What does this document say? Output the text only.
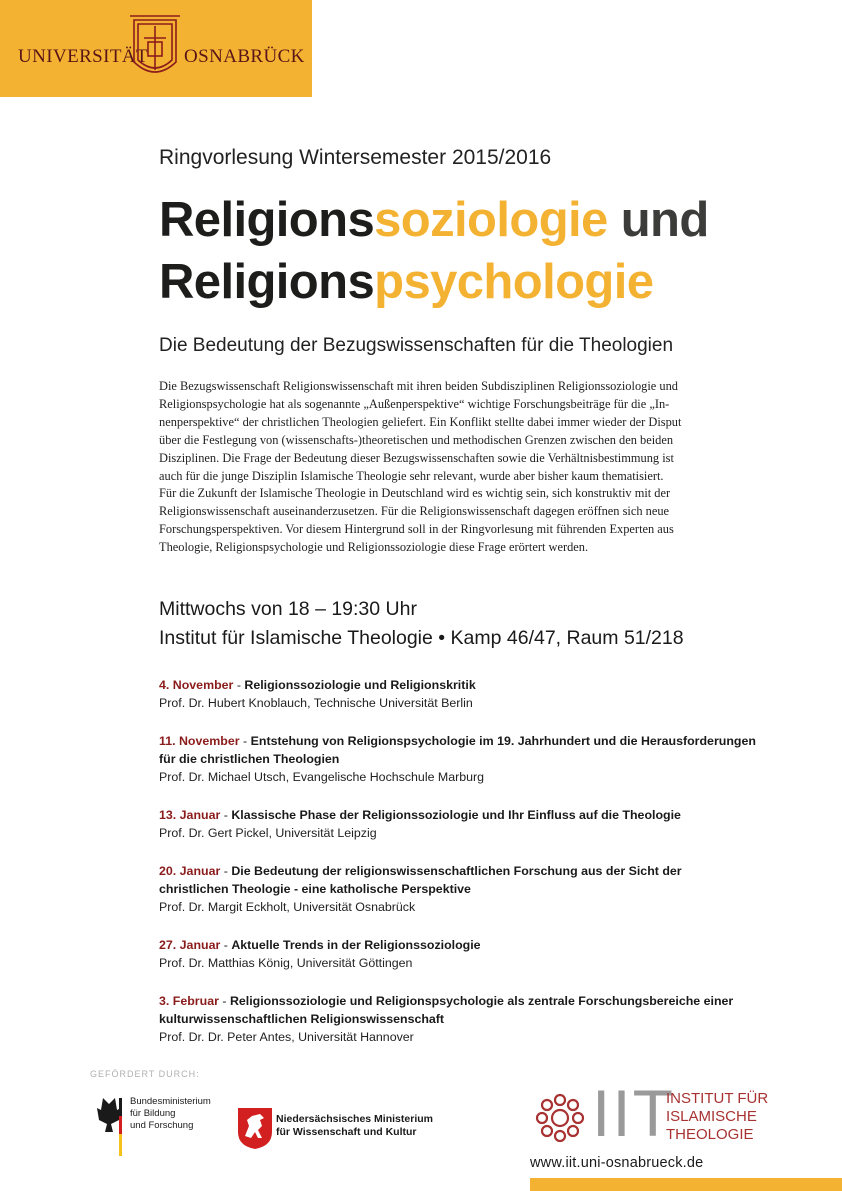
UNIVERSITÄT OSNABRÜCK
Ringvorlesung Wintersemester 2015/2016
Religionssoziologie und
Religionspsychologie
Die Bedeutung der Bezugswissenschaften für die Theologien
Die Bezugswissenschaft Religionswissenschaft mit ihren beiden Subdisziplinen Religionssoziologie und
Religionspsychologie hat als sogenannte „Außenperspektive“ wichtige Forschungsbeiträge für die „In-
nenperspektive“ der christlichen Theologien geliefert. Ein Konflikt stellte dabei immer wieder der Disput
über die Festlegung von (wissenschafts-)theoretischen und methodischen Grenzen zwischen den beiden
Disziplinen. Die Frage der Bedeutung dieser Bezugswissenschaften sowie die Verhältnisbestimmung ist
auch für die junge Disziplin Islamische Theologie sehr relevant, wurde aber bisher kaum thematisiert.
Für die Zukunft der Islamische Theologie in Deutschland wird es wichtig sein, sich konstruktiv mit der
Religionswissenschaft auseinanderzusetzen. Für die Religionswissenschaft dagegen eröffnen sich neue
Forschungsperspektiven. Vor diesem Hintergrund soll in der Ringvorlesung mit führenden Experten aus
Theologie, Religionspsychologie und Religionssoziologie diese Frage erörtert werden.
Mittwochs von 18 – 19:30 Uhr
Institut für Islamische Theologie • Kamp 46/47, Raum 51/218
4. November - Religionssoziologie und Religionskritik
Prof. Dr. Hubert Knoblauch, Technische Universität Berlin
11. November - Entstehung von Religionspsychologie im 19. Jahrhundert und die Herausforderungen
für die christlichen Theologien
Prof. Dr. Michael Utsch, Evangelische Hochschule Marburg
13. Januar - Klassische Phase der Religionssoziologie und Ihr Einfluss auf die Theologie
Prof. Dr. Gert Pickel, Universität Leipzig
20. Januar - Die Bedeutung der religionswissenschaftlichen Forschung aus der Sicht der
christlichen Theologie - eine katholische Perspektive
Prof. Dr. Margit Eckholt, Universität Osnabrück
27. Januar - Aktuelle Trends in der Religionssoziologie
Prof. Dr. Matthias König, Universität Göttingen
3. Februar - Religionssoziologie und Religionspsychologie als zentrale Forschungsbereiche einer
kulturwissenschaftlichen Religionswissenschaft
Prof. Dr. Dr. Peter Antes, Universität Hannover
GEFÖRDERT DURCH:
Bundesministerium
für Bildung
und Forschung
Niedersächsisches Ministerium
für Wissenschaft und Kultur	IIT
INSTITUT FÜR
ISLAMISCHE
THEOLOGIE
www.iit.uni-osnabrueck.de
